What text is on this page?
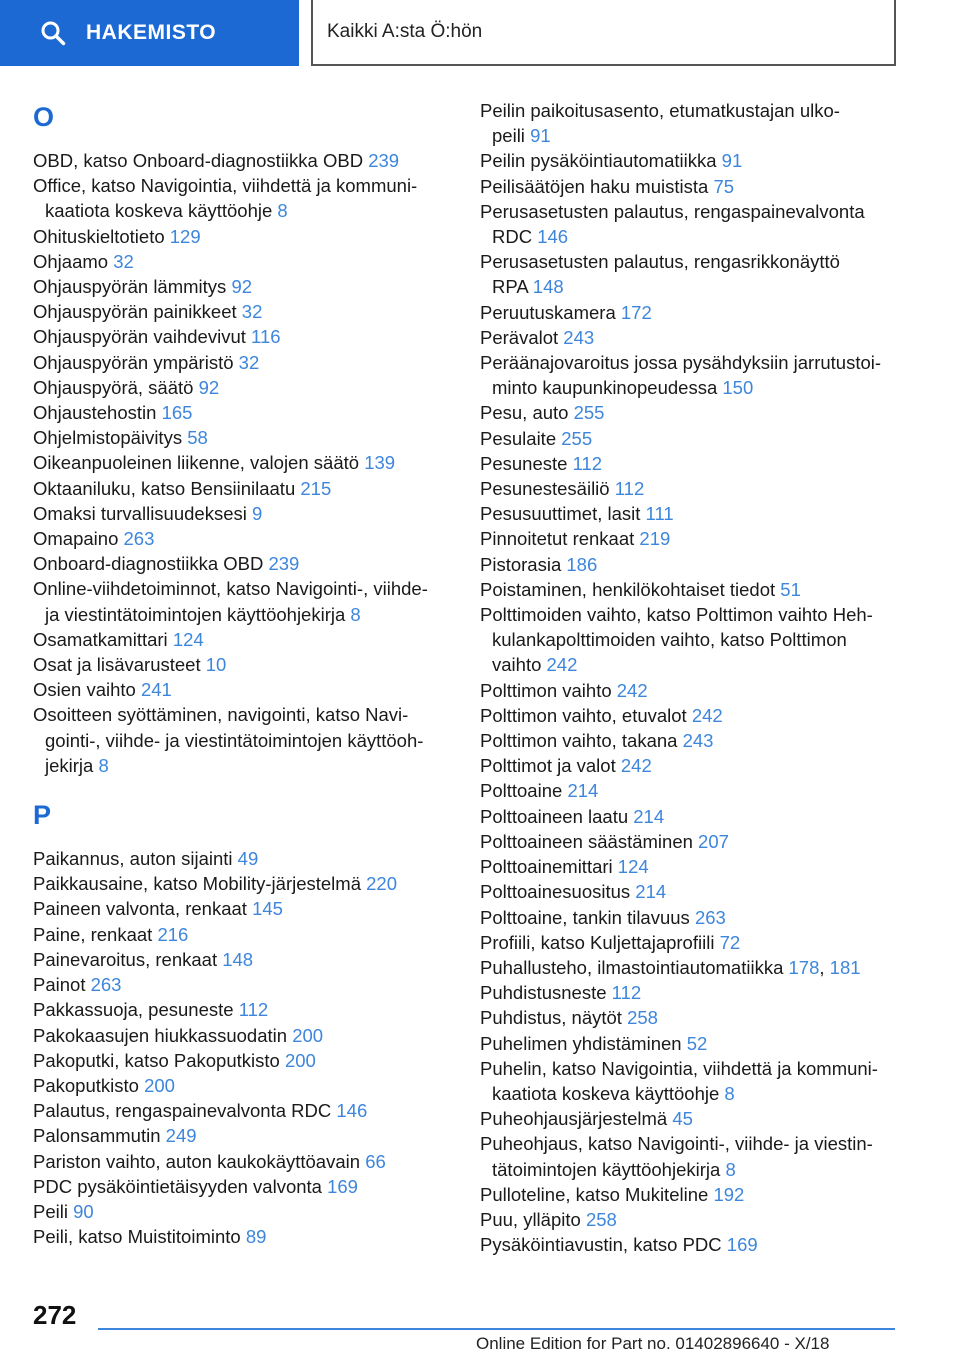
HAKEMISTO	Kaikki A:sta Ö:hön
O
OBD, katso Onboard-diagnostiikka OBD 239
Office, katso Navigointia, viihdettä ja kommuni-
kaatiota koskeva käyttöohje 8
Ohituskieltotieto 129
Ohjaamo 32
Ohjauspyörän lämmitys 92
Ohjauspyörän painikkeet 32
Ohjauspyörän vaihdevivut 116
Ohjauspyörän ympäristö 32
Ohjauspyörä, säätö 92
Ohjaustehostin 165
Ohjelmistopäivitys 58
Oikeanpuoleinen liikenne, valojen säätö 139
Oktaaniluku, katso Bensiinilaatu 215
Omaksi turvallisuudeksesi 9
Omapaino 263
Onboard-diagnostiikka OBD 239
Online-viihdetoiminnot, katso Navigointi-, viihde-
ja viestintätoimintojen käyttöohjekirja 8
Osamatkamittari 124
Osat ja lisävarusteet 10
Osien vaihto 241
Osoitteen syöttäminen, navigointi, katso Navi-
gointi-, viihde- ja viestintätoimintojen käyttöoh-
jekirja 8
P
Paikannus, auton sijainti 49
Paikkausaine, katso Mobility-järjestelmä 220
Paineen valvonta, renkaat 145
Paine, renkaat 216
Painevaroitus, renkaat 148
Painot 263
Pakkassuoja, pesuneste 112
Pakokaasujen hiukkassuodatin 200
Pakoputki, katso Pakoputkisto 200
Pakoputkisto 200
Palautus, rengaspainevalvonta RDC 146
Palonsammutin 249
Pariston vaihto, auton kaukokäyttöavain 66
PDC pysäköintietäisyyden valvonta 169
Peili 90
Peili, katso Muistitoiminto 89
Peilin paikoitusasento, etumatkustajan ulko-
peili 91
Peilin pysäköintiautomatiikka 91
Peilisäätöjen haku muistista 75
Perusasetusten palautus, rengaspainevalvonta
RDC 146
Perusasetusten palautus, rengasrikkonäyttö
RPA 148
Peruutuskamera 172
Perävalot 243
Peräänajovaroitus jossa pysähdyksiin jarrutustoi-
minto kaupunkinopeudessa 150
Pesu, auto 255
Pesulaite 255
Pesuneste 112
Pesunestesäiliö 112
Pesusuuttimet, lasit 111
Pinnoitetut renkaat 219
Pistorasia 186
Poistaminen, henkilökohtaiset tiedot 51
Polttimoiden vaihto, katso Polttimon vaihto Heh-
kulankapolttimoiden vaihto, katso Polttimon
vaihto 242
Polttimon vaihto 242
Polttimon vaihto, etuvalot 242
Polttimon vaihto, takana 243
Polttimot ja valot 242
Polttoaine 214
Polttoaineen laatu 214
Polttoaineen säästäminen 207
Polttoainemittari 124
Polttoainesuositus 214
Polttoaine, tankin tilavuus 263
Profiili, katso Kuljettajaprofiili 72
Puhallusteho, ilmastointiautomatiikka 178, 181
Puhdistusneste 112
Puhdistus, näytöt 258
Puhelimen yhdistäminen 52
Puhelin, katso Navigointia, viihdettä ja kommuni-
kaatiota koskeva käyttöohje 8
Puheohjausjärjestelmä 45
Puheohjaus, katso Navigointi-, viihde- ja viestin-
tätoimintojen käyttöohjekirja 8
Pulloteline, katso Mukiteline 192
Puu, ylläpito 258
Pysäköintiavustin, katso PDC 169
272
Online Edition for Part no. 01402896640 - X/18
